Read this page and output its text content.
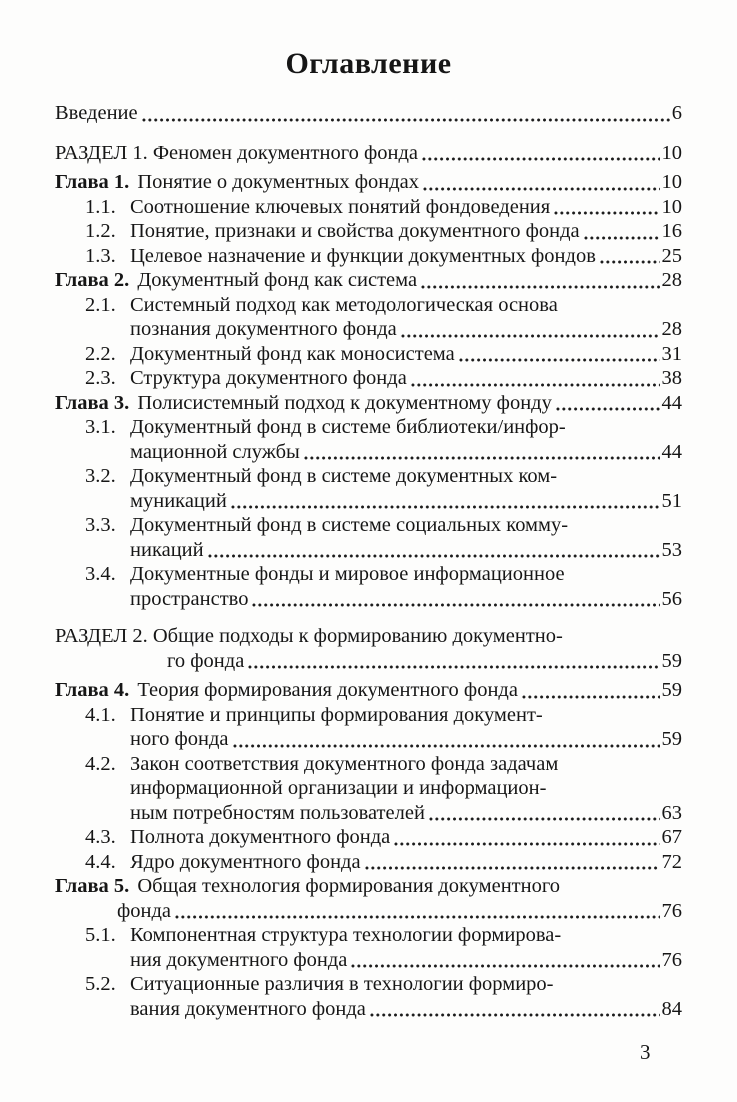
Оглавление
Введение	6
РАЗДЕЛ 1. Феномен документного фонда	10
Глава 1. Понятие о документных фондах	10
1.1. Соотношение ключевых понятий фондоведения	10
1.2. Понятие, признаки и свойства документного фонда	16
1.3. Целевое назначение и функции документных фондов	25
Глава 2. Документный фонд как система	28
2.1. Системный подход как методологическая основа
познания документного фонда	28
2.2. Документный фонд как моносистема	31
2.3. Структура документного фонда	38
Глава 3. Полисистемный подход к документному фонду	44
3.1. Документный фонд в системе библиотеки/инфор-
мационной службы	44
3.2. Документный фонд в системе документных ком-
муникаций	51
3.3. Документный фонд в системе социальных комму-
никаций	53
3.4. Документные фонды и мировое информационное
пространство	56
РАЗДЕЛ 2. Общие подходы к формированию документно-
го фонда	59
Глава 4. Теория формирования документного фонда	59
4.1. Понятие и принципы формирования документ-
ного фонда	59
4.2. Закон соответствия документного фонда задачам
информационной организации и информацион-
ным потребностям пользователей	63
4.3. Полнота документного фонда	67
4.4. Ядро документного фонда	72
Глава 5. Общая технология формирования документного
фонда	76
5.1. Компонентная структура технологии формирова-
ния документного фонда	76
5.2. Ситуационные различия в технологии формиро-
вания документного фонда	84
3
